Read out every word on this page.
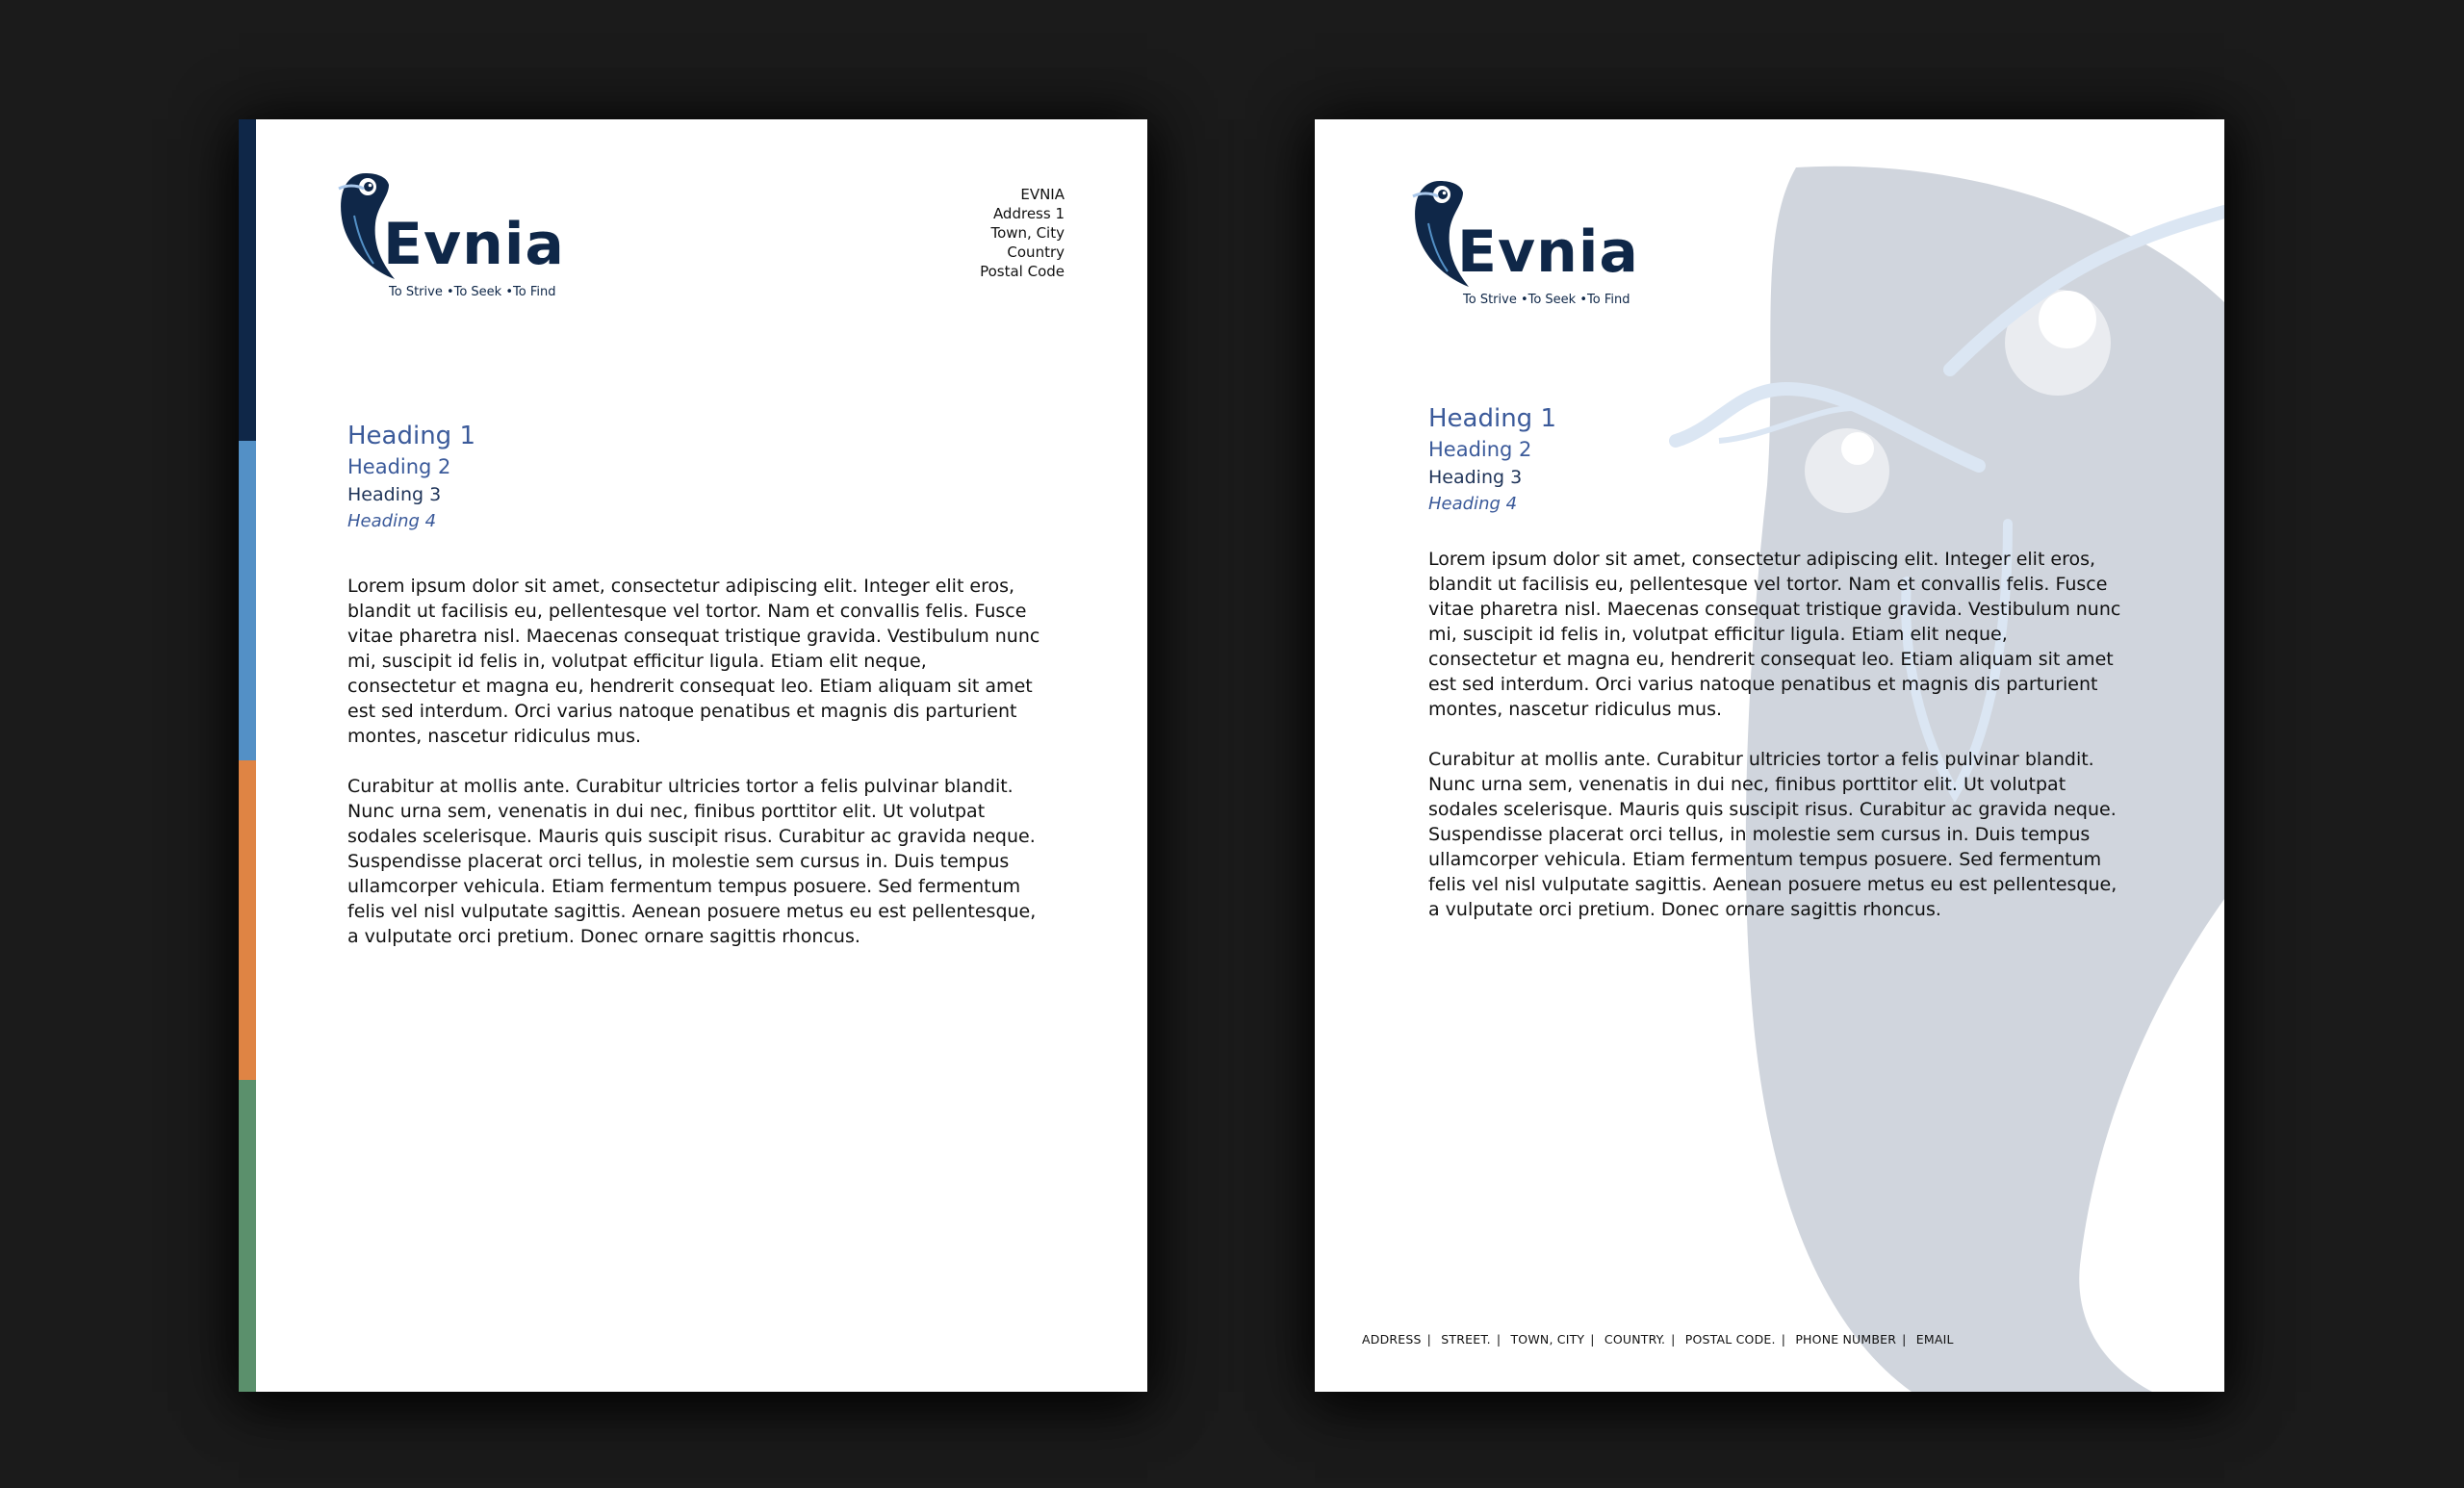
Evnia
To Strive •To Seek •To Find
EVNIA
Address 1
Town, City
Country
Postal Code
Heading 1
Heading 2
Heading 3
Heading 4

Lorem ipsum dolor sit amet, consectetur adipiscing elit. Integer elit eros, blandit ut facilisis eu, pellentesque vel tortor. Nam et convallis felis. Fusce vitae pharetra nisl. Maecenas consequat tristique gravida. Vestibulum nunc mi, suscipit id felis in, volutpat efficitur ligula. Etiam elit neque, consectetur et magna eu, hendrerit consequat leo. Etiam aliquam sit amet est sed interdum. Orci varius natoque penatibus et magnis dis parturient montes, nascetur ridiculus mus.

Curabitur at mollis ante. Curabitur ultricies tortor a felis pulvinar blandit. Nunc urna sem, venenatis in dui nec, finibus porttitor elit. Ut volutpat sodales scelerisque. Mauris quis suscipit risus. Curabitur ac gravida neque. Suspendisse placerat orci tellus, in molestie sem cursus in. Duis tempus ullamcorper vehicula. Etiam fermentum tempus posuere. Sed fermentum felis vel nisl vulputate sagittis. Aenean posuere metus eu est pellentesque, a vulputate orci pretium. Donec ornare sagittis rhoncus.

Evnia
To Strive •To Seek •To Find
Heading 1
Heading 2
Heading 3
Heading 4

Lorem ipsum dolor sit amet, consectetur adipiscing elit. Integer elit eros, blandit ut facilisis eu, pellentesque vel tortor. Nam et convallis felis. Fusce vitae pharetra nisl. Maecenas consequat tristique gravida. Vestibulum nunc mi, suscipit id felis in, volutpat efficitur ligula. Etiam elit neque, consectetur et magna eu, hendrerit consequat leo. Etiam aliquam sit amet est sed interdum. Orci varius natoque penatibus et magnis dis parturient montes, nascetur ridiculus mus.

Curabitur at mollis ante. Curabitur ultricies tortor a felis pulvinar blandit. Nunc urna sem, venenatis in dui nec, finibus porttitor elit. Ut volutpat sodales scelerisque. Mauris quis suscipit risus. Curabitur ac gravida neque. Suspendisse placerat orci tellus, in molestie sem cursus in. Duis tempus ullamcorper vehicula. Etiam fermentum tempus posuere. Sed fermentum felis vel nisl vulputate sagittis. Aenean posuere metus eu est pellentesque, a vulputate orci pretium. Donec ornare sagittis rhoncus.

ADDRESS | STREET. | TOWN, CITY | COUNTRY. | POSTAL CODE. | PHONE NUMBER | EMAIL
